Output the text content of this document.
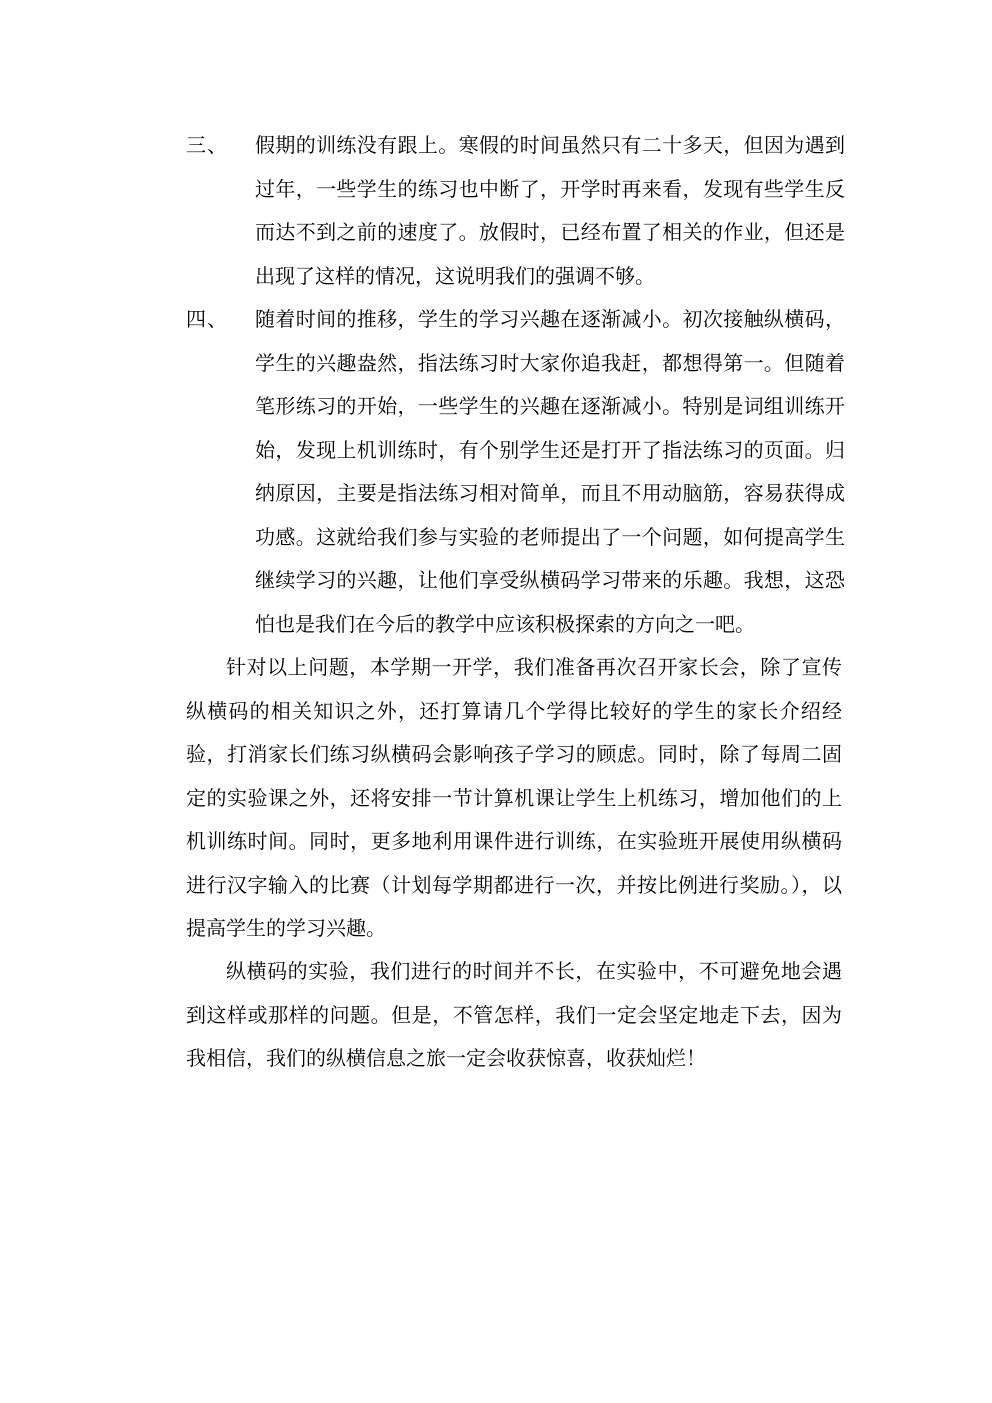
三、 假期的训练没有跟上。寒假的时间虽然只有二十多天，但因为遇到过年，一些学生的练习也中断了，开学时再来看，发现有些学生反而达不到之前的速度了。放假时，已经布置了相关的作业，但还是出现了这样的情况，这说明我们的强调不够。
四、 随着时间的推移，学生的学习兴趣在逐渐减小。初次接触纵横码，学生的兴趣盎然，指法练习时大家你追我赶，都想得第一。但随着笔形练习的开始，一些学生的兴趣在逐渐减小。特别是词组训练开始，发现上机训练时，有个别学生还是打开了指法练习的页面。归纳原因，主要是指法练习相对简单，而且不用动脑筋，容易获得成功感。这就给我们参与实验的老师提出了一个问题，如何提高学生继续学习的兴趣，让他们享受纵横码学习带来的乐趣。我想，这恐怕也是我们在今后的教学中应该积极探索的方向之一吧。
针对以上问题，本学期一开学，我们准备再次召开家长会，除了宣传纵横码的相关知识之外，还打算请几个学得比较好的学生的家长介绍经验，打消家长们练习纵横码会影响孩子学习的顾虑。同时，除了每周二固定的实验课之外，还将安排一节计算机课让学生上机练习，增加他们的上机训练时间。同时，更多地利用课件进行训练，在实验班开展使用纵横码进行汉字输入的比赛（计划每学期都进行一次，并按比例进行奖励。），以提高学生的学习兴趣。
纵横码的实验，我们进行的时间并不长，在实验中，不可避免地会遇到这样或那样的问题。但是，不管怎样，我们一定会坚定地走下去，因为我相信，我们的纵横信息之旅一定会收获惊喜，收获灿烂！
